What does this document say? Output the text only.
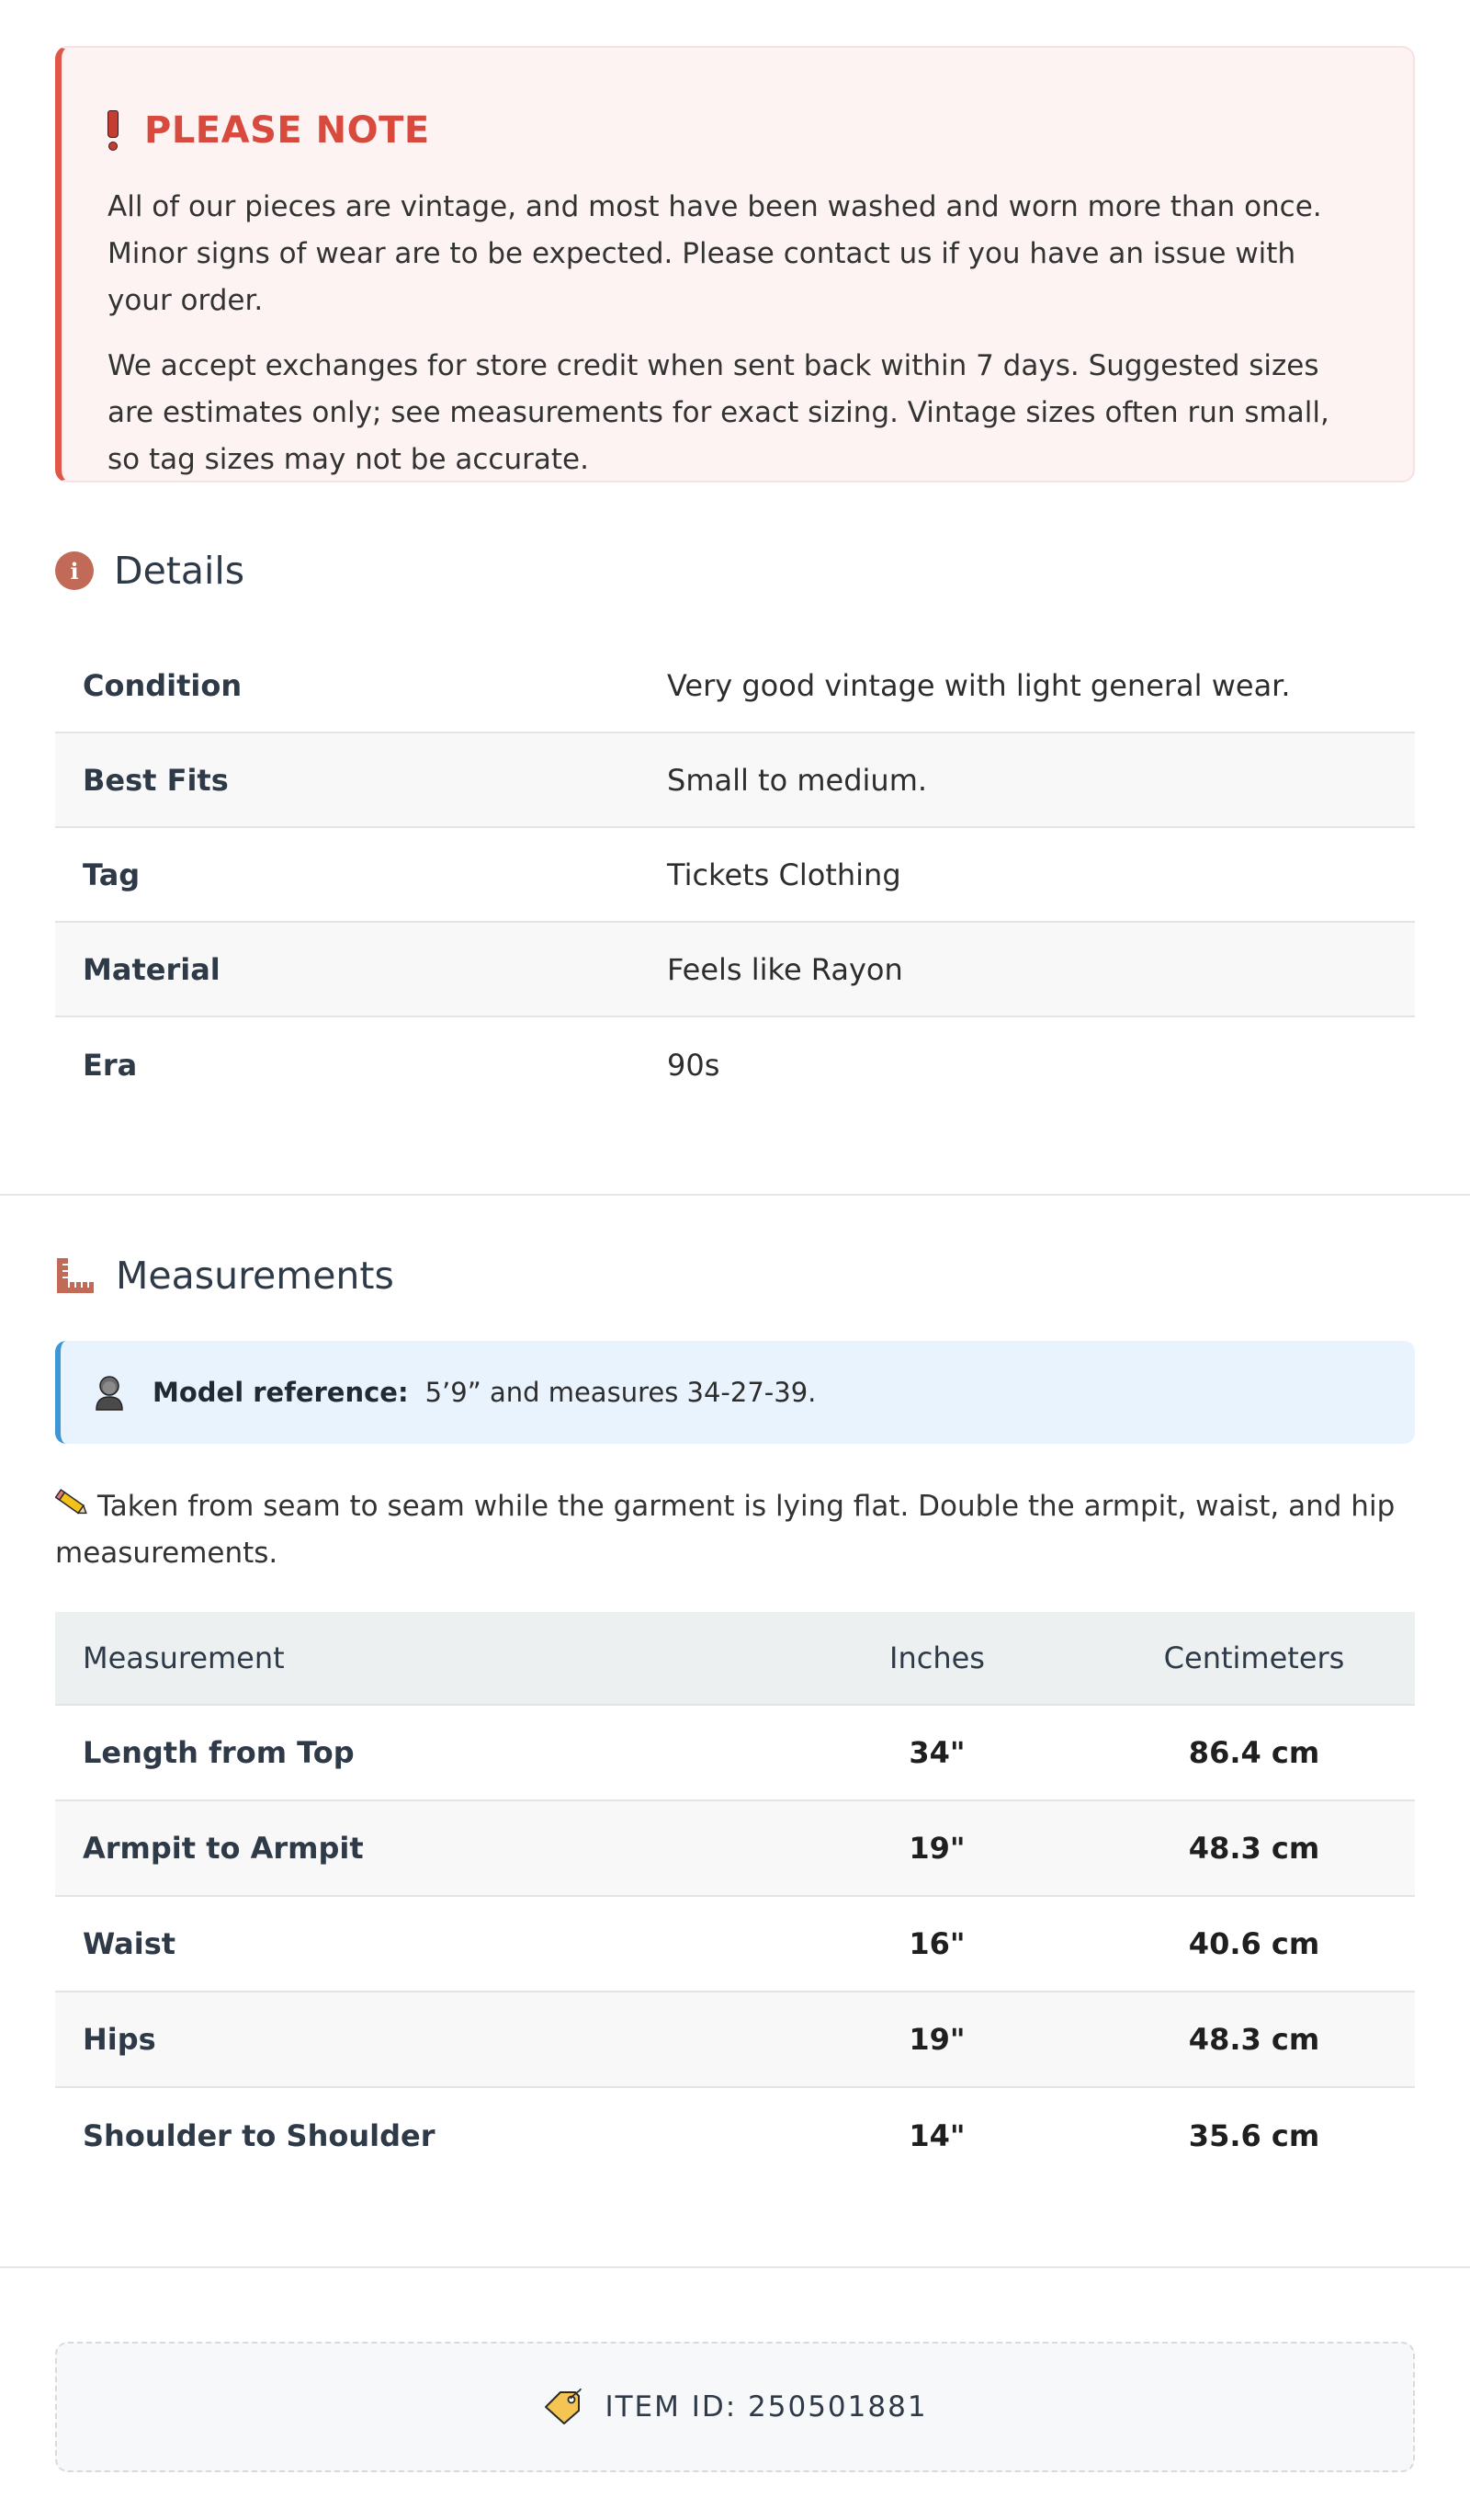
PLEASE NOTE

All of our pieces are vintage, and most have been washed and worn more than once. Minor signs of wear are to be expected. Please contact us if you have an issue with your order.

We accept exchanges for store credit when sent back within 7 days. Suggested sizes are estimates only; see measurements for exact sizing. Vintage sizes often run small, so tag sizes may not be accurate.

i Details
Condition	Very good vintage with light general wear.
Best Fits	Small to medium.
Tag	Tickets Clothing
Material	Feels like Rayon
Era	90s
Measurements
Model reference: 5’9” and measures 34-27-39.
Taken from seam to seam while the garment is lying flat. Double the armpit, waist, and hip measurements.
Measurement	Inches	Centimeters
Length from Top	34"	86.4 cm
Armpit to Armpit	19"	48.3 cm
Waist	16"	40.6 cm
Hips	19"	48.3 cm
Shoulder to Shoulder	14"	35.6 cm
ITEM ID: 250501881
